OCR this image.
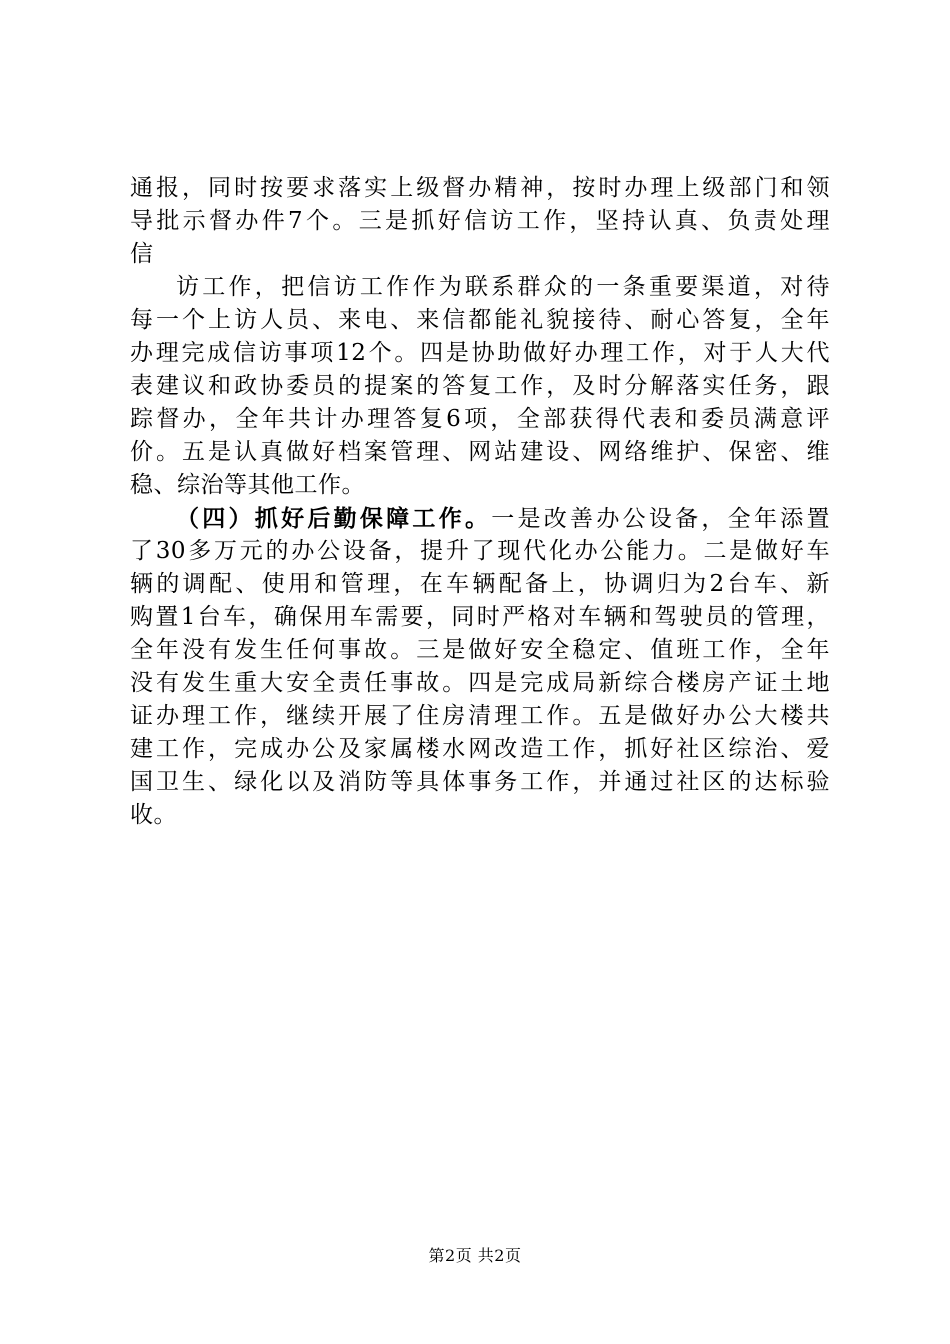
通报，同时按要求落实上级督办精神，按时办理上级部门和领
导批示督办件7个。三是抓好信访工作，坚持认真、负责处理
信
访工作，把信访工作作为联系群众的一条重要渠道，对待
每一个上访人员、来电、来信都能礼貌接待、耐心答复，全年
办理完成信访事项12个。四是协助做好办理工作，对于人大代
表建议和政协委员的提案的答复工作，及时分解落实任务，跟
踪督办，全年共计办理答复6项，全部获得代表和委员满意评
价。五是认真做好档案管理、网站建设、网络维护、保密、维
稳、综治等其他工作。
（四）抓好后勤保障工作。一是改善办公设备，全年添置
了30多万元的办公设备，提升了现代化办公能力。二是做好车
辆的调配、使用和管理，在车辆配备上，协调归为2台车、新
购置1台车，确保用车需要，同时严格对车辆和驾驶员的管理，
全年没有发生任何事故。三是做好安全稳定、值班工作，全年
没有发生重大安全责任事故。四是完成局新综合楼房产证土地
证办理工作，继续开展了住房清理工作。五是做好办公大楼共
建工作，完成办公及家属楼水网改造工作，抓好社区综治、爱
国卫生、绿化以及消防等具体事务工作，并通过社区的达标验
收。
第2页 共2页
